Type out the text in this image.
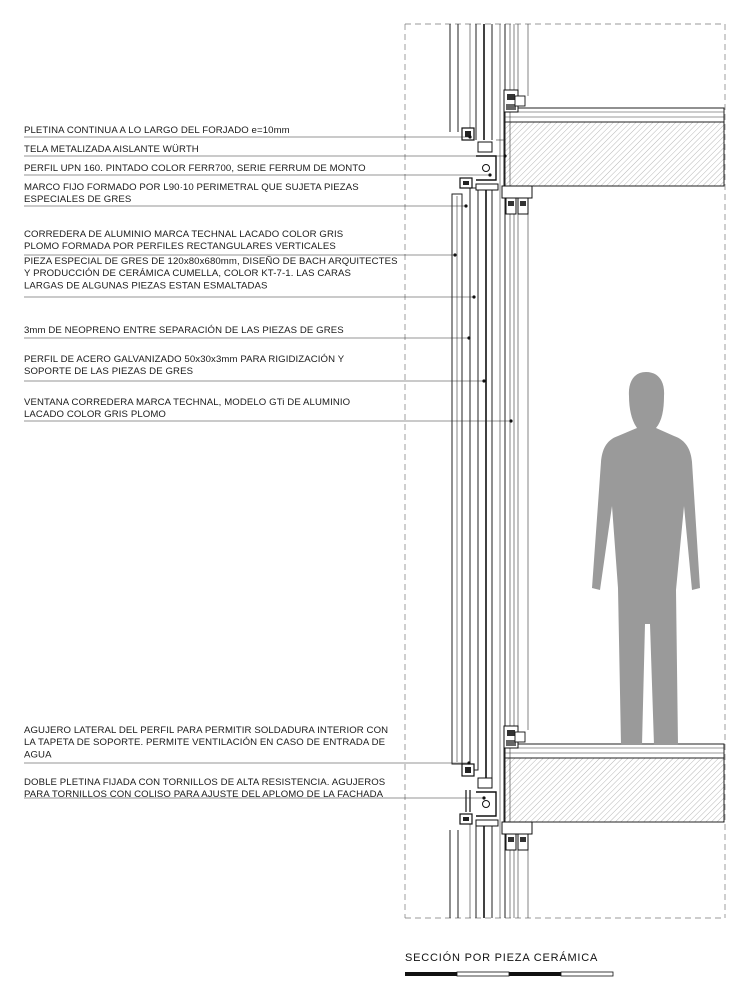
PLETINA CONTINUA A LO LARGO DEL FORJADO e=10mm
TELA METALIZADA AISLANTE WÜRTH
PERFIL UPN 160. PINTADO COLOR FERR700, SERIE FERRUM DE MONTO
MARCO FIJO FORMADO POR L90·10 PERIMETRAL QUE SUJETA PIEZAS ESPECIALES DE GRES
CORREDERA DE ALUMINIO MARCA TECHNAL LACADO COLOR GRIS PLOMO FORMADA POR PERFILES RECTANGULARES VERTICALES
PIEZA ESPECIAL DE GRES DE 120x80x680mm, DISEÑO DE BACH ARQUITECTES Y PRODUCCIÓN DE CERÁMICA CUMELLA, COLOR KT-7-1. LAS CARAS LARGAS DE ALGUNAS PIEZAS ESTAN ESMALTADAS
3mm DE NEOPRENO ENTRE SEPARACIÓN DE LAS PIEZAS DE GRES
PERFIL DE ACERO GALVANIZADO 50x30x3mm PARA RIGIDIZACIÓN Y SOPORTE DE LAS PIEZAS DE GRES
VENTANA CORREDERA MARCA TECHNAL, MODELO GTi DE ALUMINIO LACADO COLOR GRIS PLOMO
AGUJERO LATERAL DEL PERFIL PARA PERMITIR SOLDADURA INTERIOR CON LA TAPETA DE SOPORTE. PERMITE VENTILACIÓN EN CASO DE ENTRADA DE AGUA
DOBLE PLETINA FIJADA CON TORNILLOS DE ALTA RESISTENCIA. AGUJEROS PARA TORNILLOS CON COLISO PARA AJUSTE DEL APLOMO DE LA FACHADA
SECCIÓN POR PIEZA CERÁMICA
